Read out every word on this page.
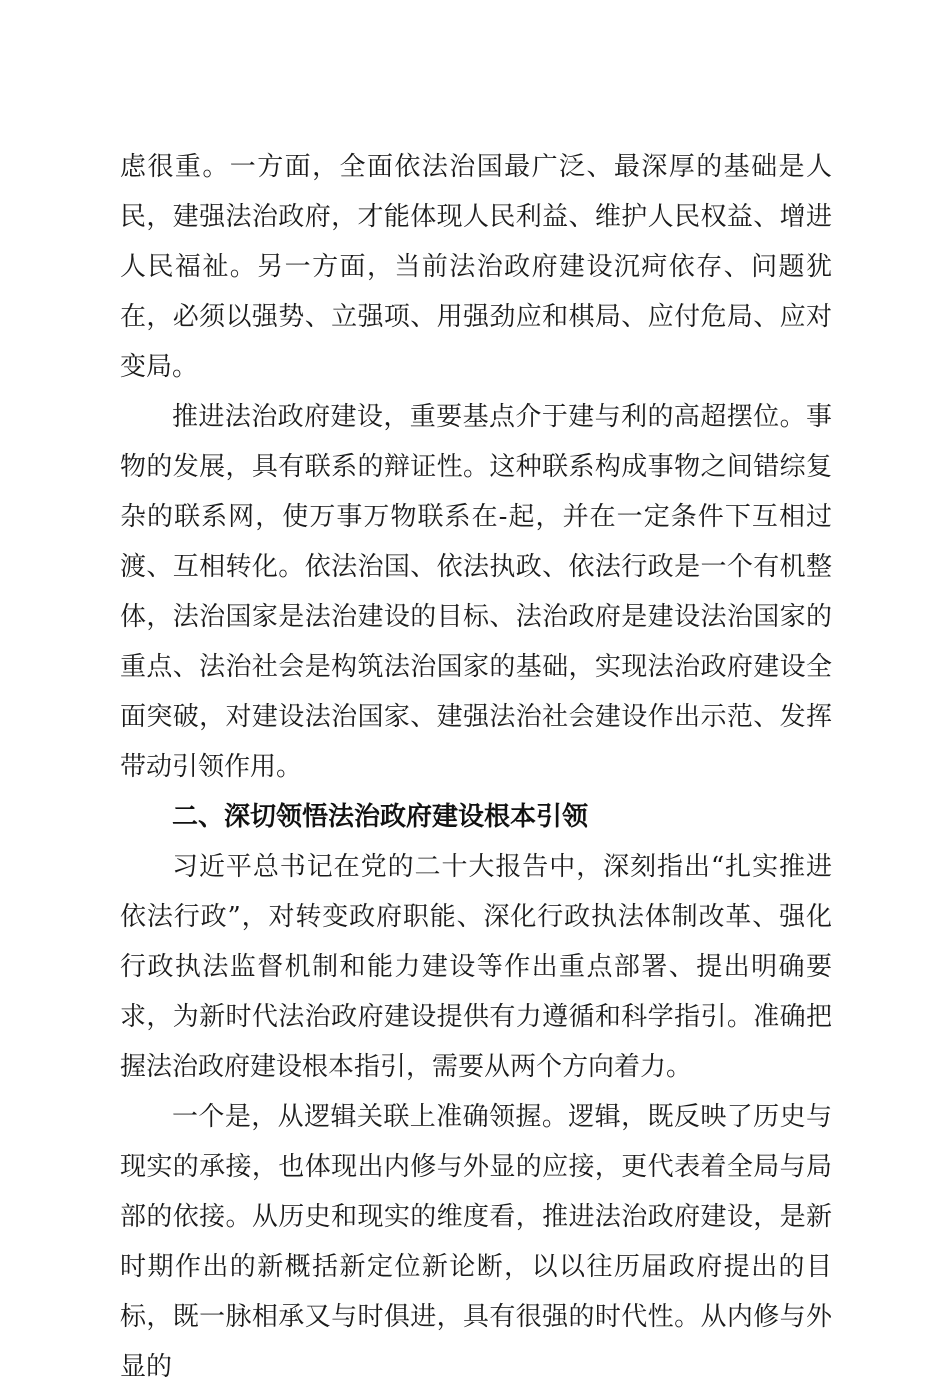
虑很重。一方面，全面依法治国最广泛、最深厚的基础是人民，建强法治政府，才能体现人民利益、维护人民权益、增进人民福祉。另一方面，当前法治政府建设沉疴依存、问题犹在，必须以强势、立强项、用强劲应和棋局、应付危局、应对变局。

推进法治政府建设，重要基点介于建与利的高超摆位。事物的发展，具有联系的辩证性。这种联系构成事物之间错综复杂的联系网，使万事万物联系在-起，并在一定条件下互相过渡、互相转化。依法治国、依法执政、依法行政是一个有机整体，法治国家是法治建设的目标、法治政府是建设法治国家的重点、法治社会是构筑法治国家的基础，实现法治政府建设全面突破，对建设法治国家、建强法治社会建设作出示范、发挥带动引领作用。

二、深切领悟法治政府建设根本引领

习近平总书记在党的二十大报告中，深刻指出“扎实推进依法行政”，对转变政府职能、深化行政执法体制改革、强化行政执法监督机制和能力建设等作出重点部署、提出明确要求，为新时代法治政府建设提供有力遵循和科学指引。准确把握法治政府建设根本指引，需要从两个方向着力。

一个是，从逻辑关联上准确领握。逻辑，既反映了历史与现实的承接，也体现出内修与外显的应接，更代表着全局与局部的依接。从历史和现实的维度看，推进法治政府建设，是新时期作出的新概括新定位新论断，以以往历届政府提出的目标，既一脉相承又与时俱进，具有很强的时代性。从内修与外显的
